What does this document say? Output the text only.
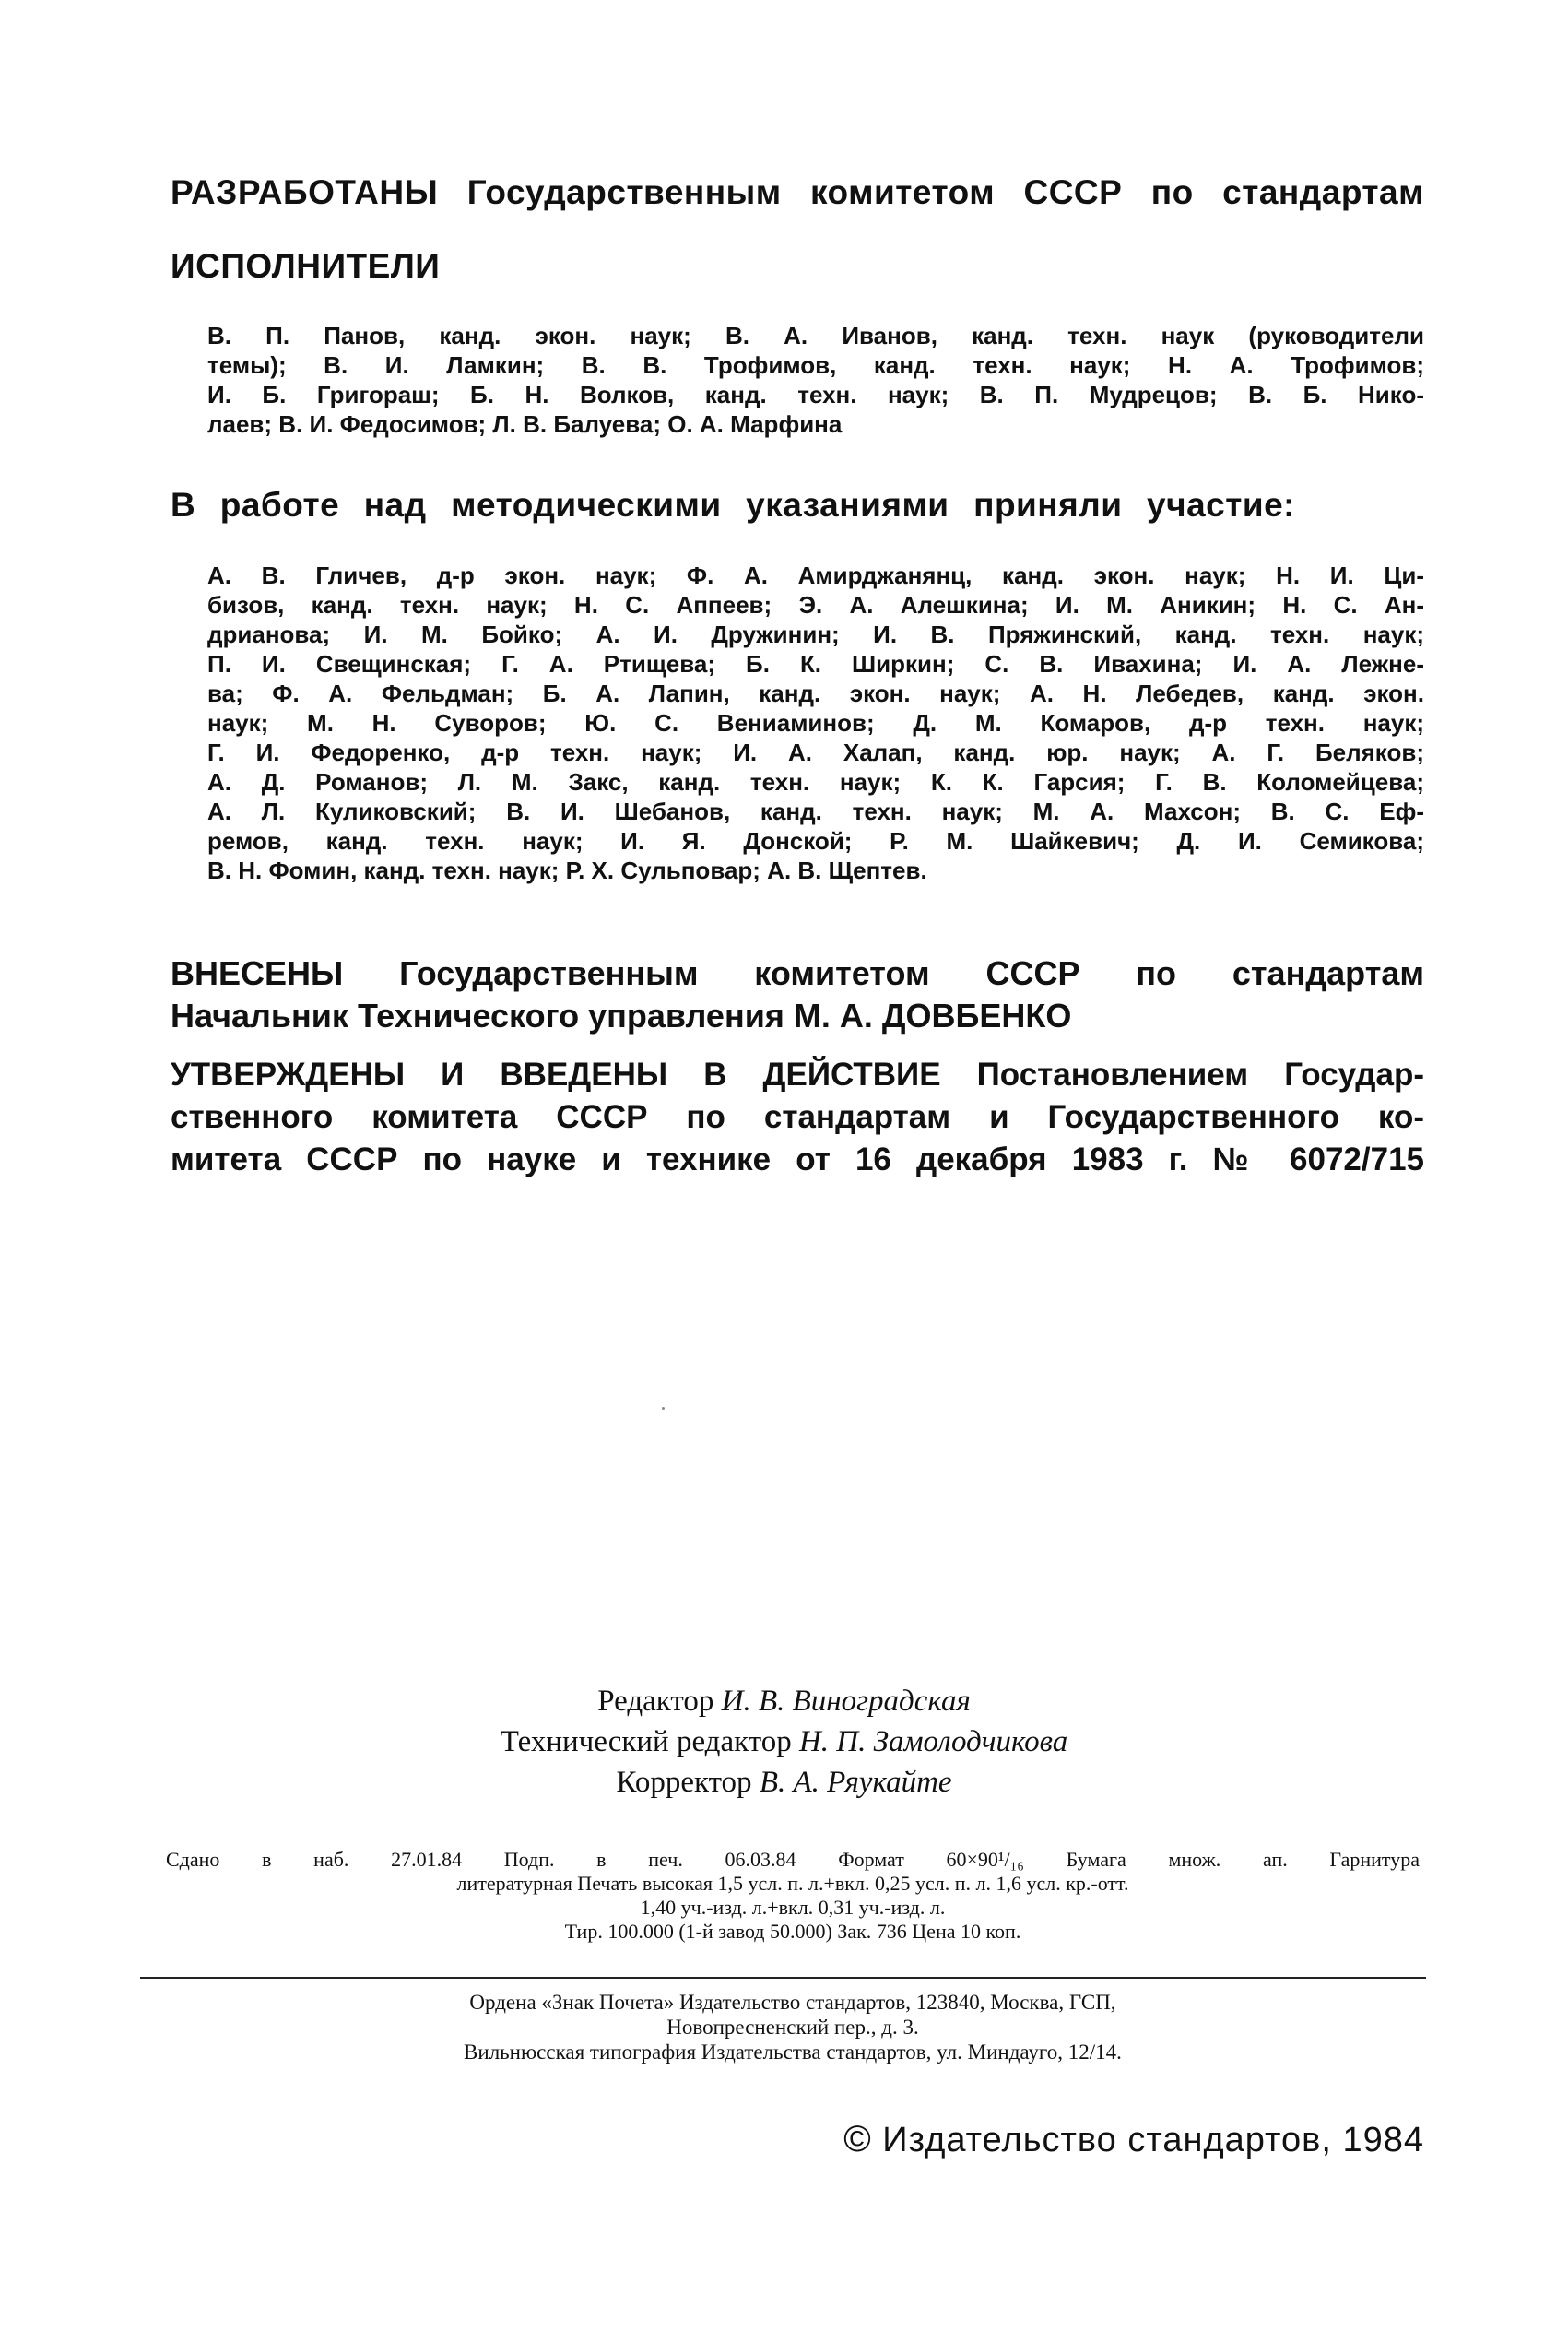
РАЗРАБОТАНЫ Государственным комитетом СССР по стандартам
ИСПОЛНИТЕЛИ

В. П. Панов, канд. экон. наук; В. А. Иванов, канд. техн. наук (руководители

темы); В. И. Ламкин; В. В. Трофимов, канд. техн. наук; Н. А. Трофимов;

И. Б. Григораш; Б. Н. Волков, канд. техн. наук; В. П. Мудрецов; В. Б. Нико-

лаев; В. И. Федосимов; Л. В. Балуева; О. А. Марфина

В работе над методическими указаниями приняли участие:

А. В. Гличев, д-р экон. наук; Ф. А. Амирджанянц, канд. экон. наук; Н. И. Ци-

бизов, канд. техн. наук; Н. С. Аппеев; Э. А. Алешкина; И. М. Аникин; Н. С. Ан-

дрианова; И. М. Бойко; А. И. Дружинин; И. В. Пряжинский, канд. техн. наук;

П. И. Свещинская; Г. А. Ртищева; Б. К. Ширкин; С. В. Ивахина; И. А. Лежне-

ва; Ф. А. Фельдман; Б. А. Лапин, канд. экон. наук; А. Н. Лебедев, канд. экон.

наук; М. Н. Суворов; Ю. С. Вениаминов; Д. М. Комаров, д-р техн. наук;

Г. И. Федоренко, д-р техн. наук; И. А. Халап, канд. юр. наук; А. Г. Беляков;

А. Д. Романов; Л. М. Закс, канд. техн. наук; К. К. Гарсия; Г. В. Коломейцева;

А. Л. Куликовский; В. И. Шебанов, канд. техн. наук; М. А. Махсон; В. С. Еф-

ремов, канд. техн. наук; И. Я. Донской; Р. М. Шайкевич; Д. И. Семикова;

В. Н. Фомин, канд. техн. наук; Р. Х. Сульповар; А. В. Щептев.

ВНЕСЕНЫ Государственным комитетом СССР по стандартам

Начальник Технического управления М. А. ДОВБЕНКО

УТВЕРЖДЕНЫ И ВВЕДЕНЫ В ДЕЙСТВИЕ Постановлением Государ-

ственного комитета СССР по стандартам и Государственного ко-

митета СССР по науке и технике от 16 декабря 1983 г. № 6072/715

Редактор И. В. Виноградская

Технический редактор Н. П. Замолодчикова

Корректор В. А. Ряукайте

Сдано в наб. 27.01.84 Подп. в печ. 06.03.84 Формат 60×90¹/₁₆ Бумага множ. ап. Гарнитура

литературная Печать высокая 1,5 усл. п. л.+вкл. 0,25 усл. п. л. 1,6 усл. кр.-отт.

1,40 уч.-изд. л.+вкл. 0,31 уч.-изд. л.

Тир. 100.000 (1-й завод 50.000) Зак. 736 Цена 10 коп.

Ордена «Знак Почета» Издательство стандартов, 123840, Москва, ГСП,

Новопресненский пер., д. 3.

Вильнюсская типография Издательства стандартов, ул. Миндауго, 12/14.

© Издательство стандартов, 1984
